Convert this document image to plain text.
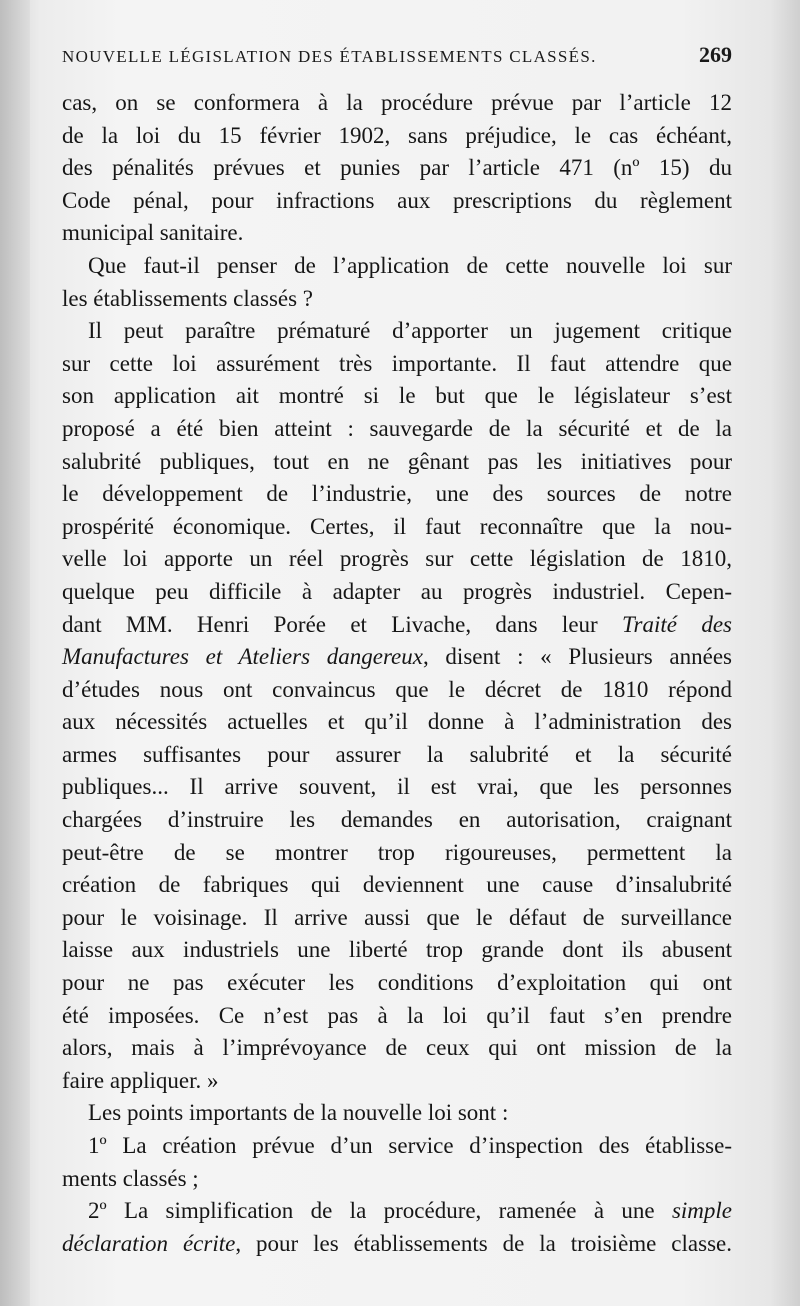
NOUVELLE LÉGISLATION DES ÉTABLISSEMENTS CLASSÉS.	269
cas, on se conformera à la procédure prévue par l’article 12
de la loi du 15 février 1902, sans préjudice, le cas échéant,
des pénalités prévues et punies par l’article 471 (nº 15) du
Code pénal, pour infractions aux prescriptions du règlement
municipal sanitaire.
Que faut-il penser de l’application de cette nouvelle loi sur
les établissements classés ?
Il peut paraître prématuré d’apporter un jugement critique
sur cette loi assurément très importante. Il faut attendre que
son application ait montré si le but que le législateur s’est
proposé a été bien atteint : sauvegarde de la sécurité et de la
salubrité publiques, tout en ne gênant pas les initiatives pour
le développement de l’industrie, une des sources de notre
prospérité économique. Certes, il faut reconnaître que la nou-
velle loi apporte un réel progrès sur cette législation de 1810,
quelque peu difficile à adapter au progrès industriel. Cepen-
dant MM. Henri Porée et Livache, dans leur Traité des
Manufactures et Ateliers dangereux, disent : « Plusieurs années
d’études nous ont convaincus que le décret de 1810 répond
aux nécessités actuelles et qu’il donne à l’administration des
armes suffisantes pour assurer la salubrité et la sécurité
publiques... Il arrive souvent, il est vrai, que les personnes
chargées d’instruire les demandes en autorisation, craignant
peut-être de se montrer trop rigoureuses, permettent la
création de fabriques qui deviennent une cause d’insalubrité
pour le voisinage. Il arrive aussi que le défaut de surveillance
laisse aux industriels une liberté trop grande dont ils abusent
pour ne pas exécuter les conditions d’exploitation qui ont
été imposées. Ce n’est pas à la loi qu’il faut s’en prendre
alors, mais à l’imprévoyance de ceux qui ont mission de la
faire appliquer. »
Les points importants de la nouvelle loi sont :
1º La création prévue d’un service d’inspection des établisse-
ments classés ;
2º La simplification de la procédure, ramenée à une simple
déclaration écrite, pour les établissements de la troisième classe.
